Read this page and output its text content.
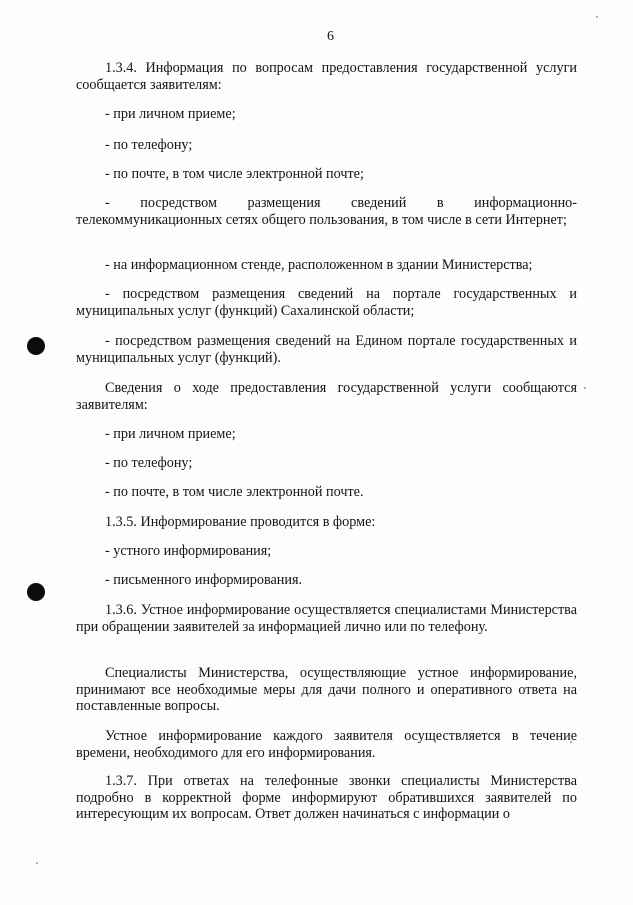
6

1.3.4. Информация по вопросам предоставления государственной услуги сообщается заявителям:

- при личном приеме;

- по телефону;

- по почте, в том числе электронной почте;

- посредством размещения сведений в информационно-телекоммуникационных сетях общего пользования, в том числе в сети Интернет;

- на информационном стенде, расположенном в здании Министерства;

- посредством размещения сведений на портале государственных и муниципальных услуг (функций) Сахалинской области;

- посредством размещения сведений на Едином портале государственных и муниципальных услуг (функций).

Сведения о ходе предоставления государственной услуги сообщаются заявителям:

- при личном приеме;

- по телефону;

- по почте, в том числе электронной почте.

1.3.5. Информирование проводится в форме:

- устного информирования;

- письменного информирования.

1.3.6. Устное информирование осуществляется специалистами Министерства при обращении заявителей за информацией лично или по телефону.

Специалисты Министерства, осуществляющие устное информирование, принимают все необходимые меры для дачи полного и оперативного ответа на поставленные вопросы.

Устное информирование каждого заявителя осуществляется в течение времени, необходимого для его информирования.

1.3.7. При ответах на телефонные звонки специалисты Министерства подробно в корректной форме информируют обратившихся заявителей по интересующим их вопросам. Ответ должен начинаться с информации о
